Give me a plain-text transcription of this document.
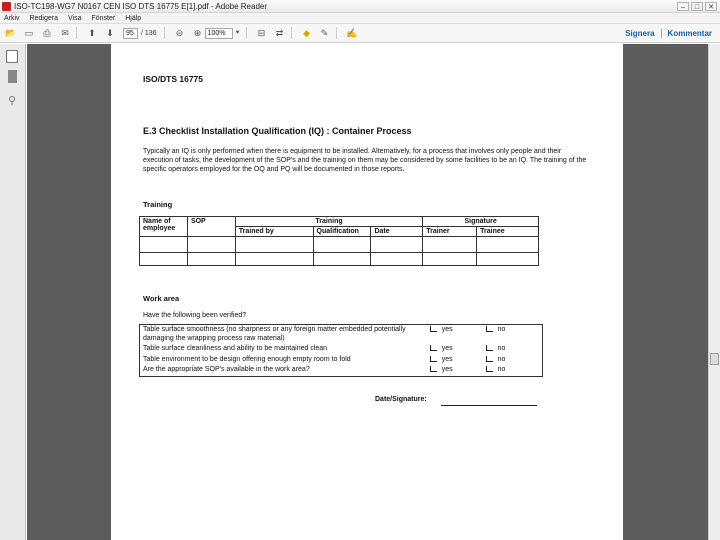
ISO-TC198-WG7 N0167 CEN ISO DTS 16775 E[1].pdf - Adobe Reader	–	□	✕
Arkiv Redigera Visa Fönster Hjälp
📂 ▭	⎙	✉	⬆	⬇
95	/ 136	⊖	⊕
100%	▼	⊟	⇄	◆	✎	✍	Signera Kommentar
⚲
ISO/DTS 16775
E.3 Checklist Installation Qualification (IQ) : Container Process
Typically an IQ is only performed when there is equipment to be installed. Alternatively, for a process that involves only people and their execution of tasks, the development of the SOP's and the training on them may be considered by some facilities to be an IQ. The training of the specific operators employed for the OQ and PQ will be documented in those reports.
Training
Name of employee	SOP	Training			Signature	
		Trained by	Qualification	Date	Trainer	Trainee

Work area
Have the following been verified?
Table surface smoothness (no sharpness or any foreign matter embedded potentially damaging the wrapping process raw material)	yes	no
Table surface cleanliness and ability to be maintained clean	yes	no
Table environment to be design offering enough empty room to fold	yes	no
Are the appropriate SOP's available in the work area?	yes	no
Date/Signature:
